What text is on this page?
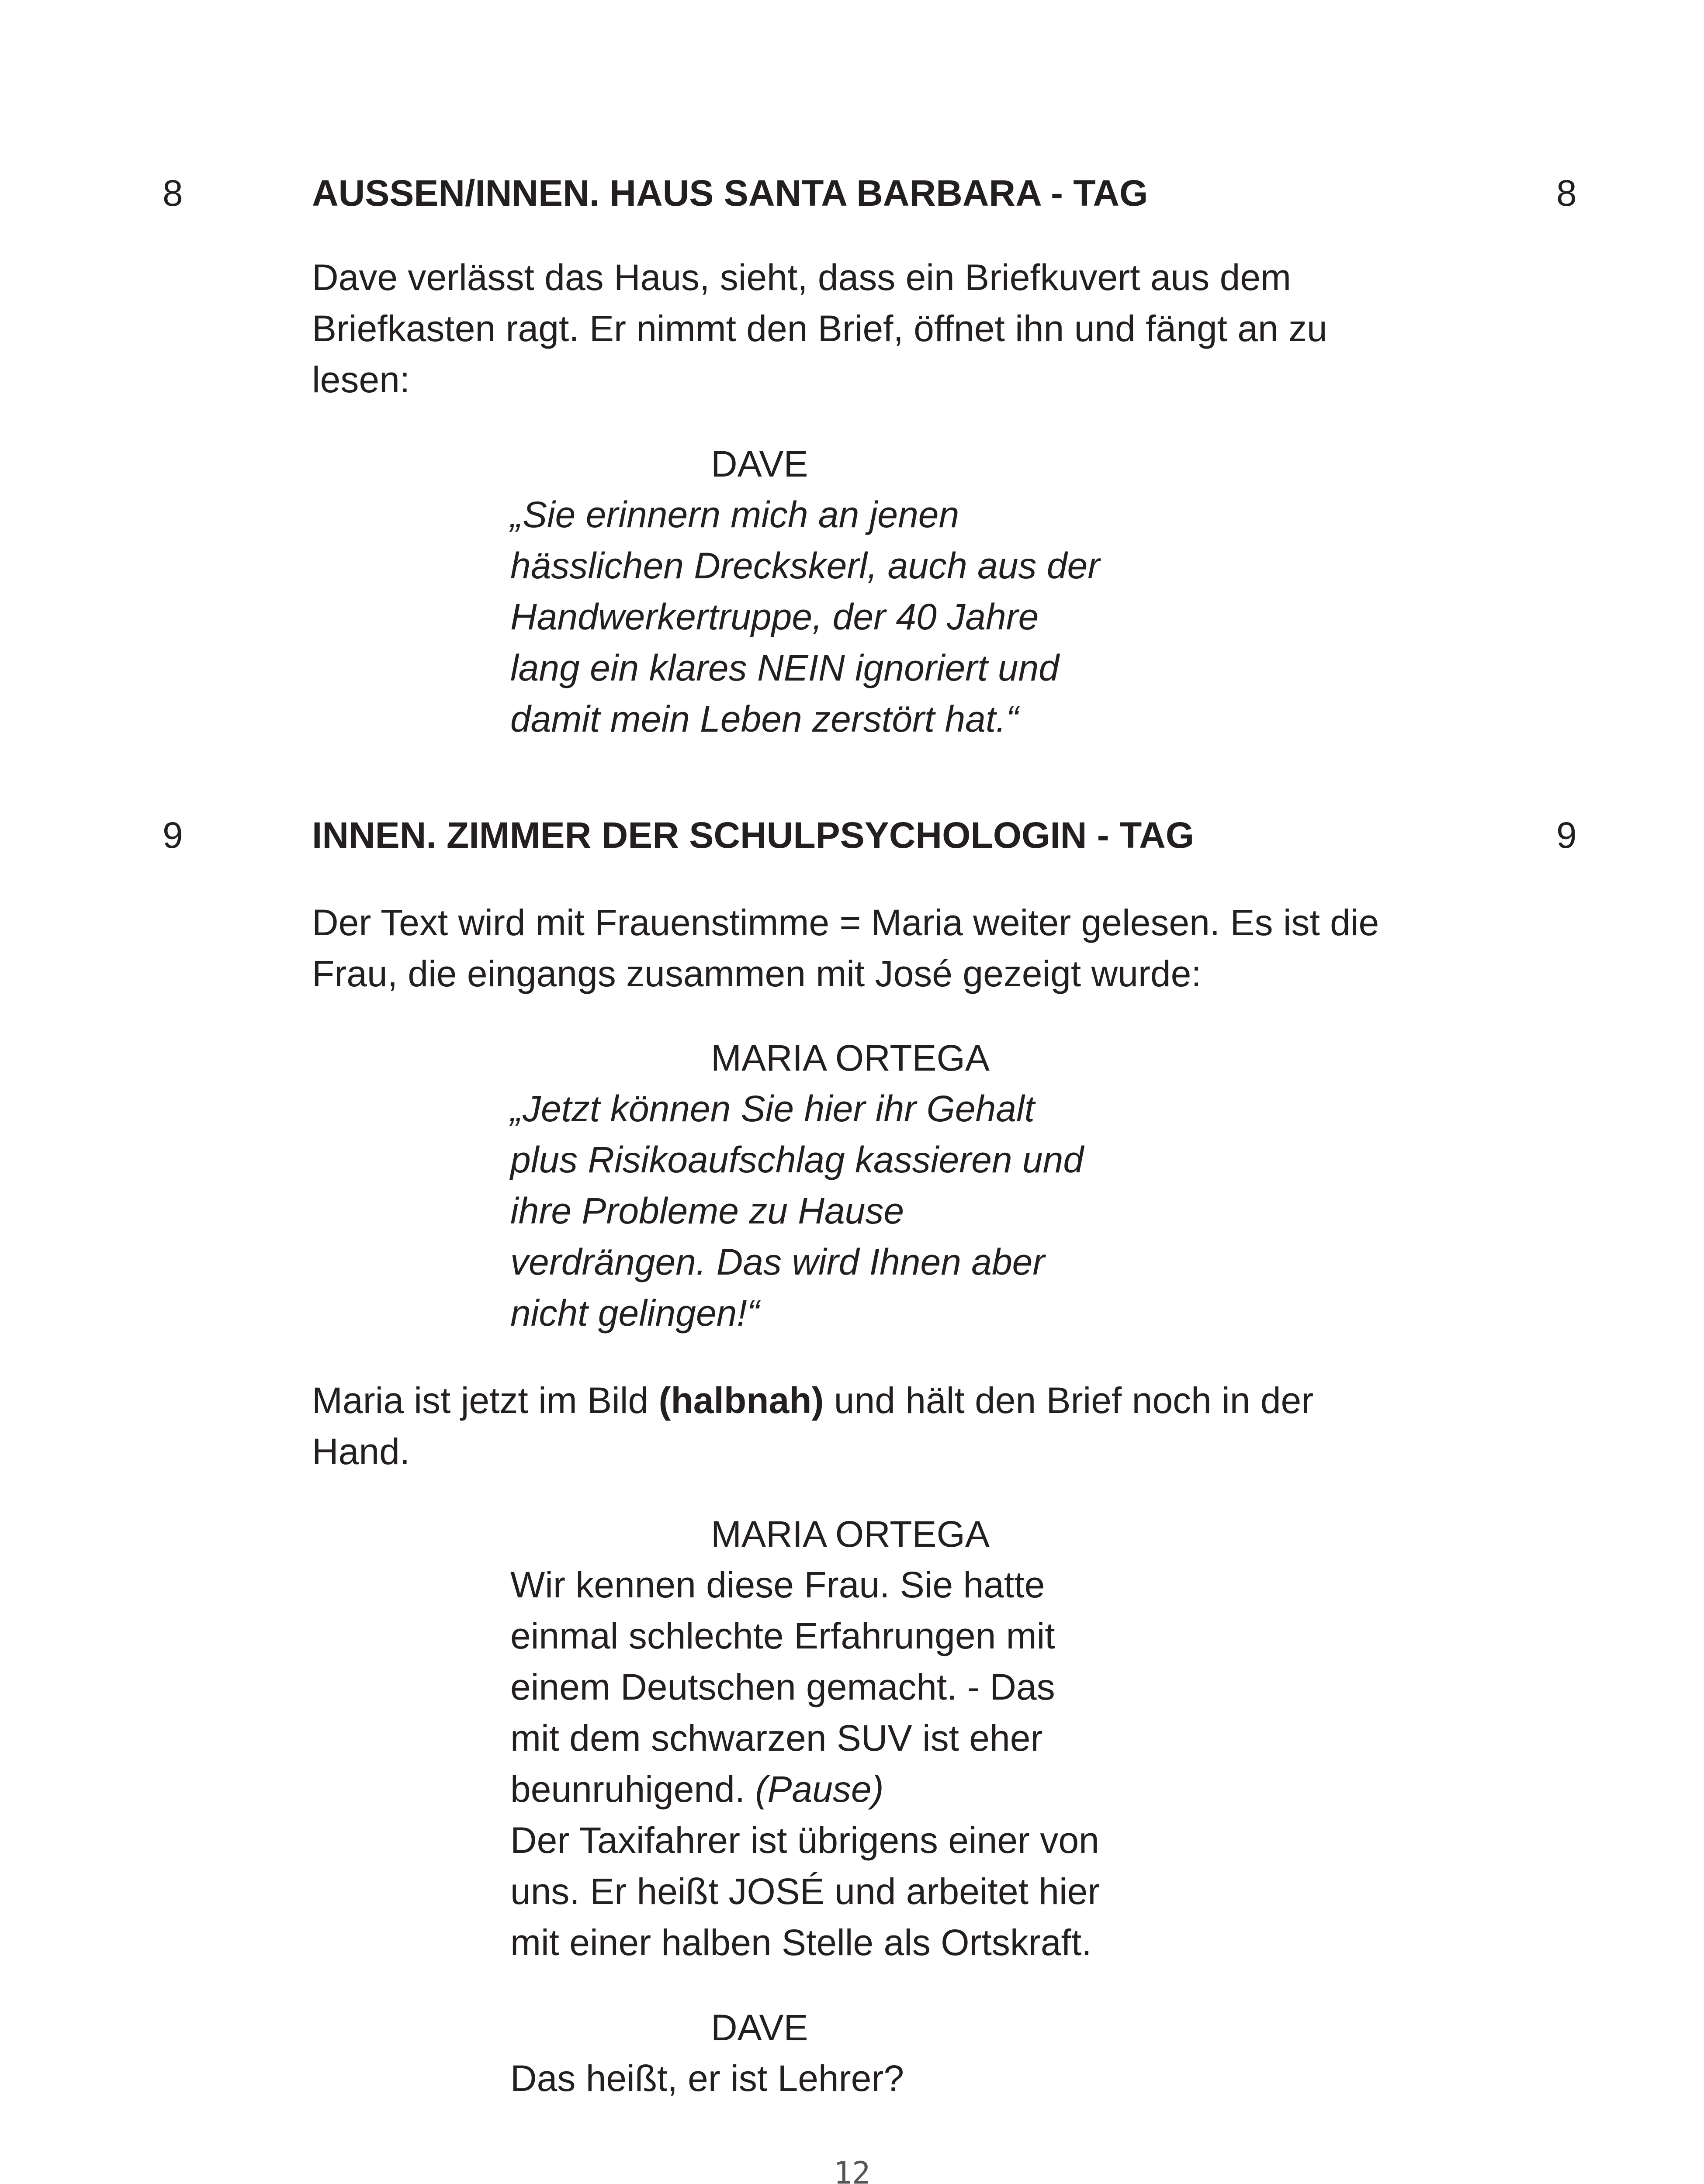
8	AUSSEN/INNEN. HAUS SANTA BARBARA - TAG	8
Dave verlässt das Haus, sieht, dass ein Briefkuvert aus dem
Briefkasten ragt. Er nimmt den Brief, öffnet ihn und fängt an zu
lesen:
DAVE
„Sie erinnern mich an jenen
hässlichen Dreckskerl, auch aus der
Handwerkertruppe, der 40 Jahre
lang ein klares NEIN ignoriert und
damit mein Leben zerstört hat.“
9	INNEN. ZIMMER DER SCHULPSYCHOLOGIN - TAG	9
Der Text wird mit Frauenstimme = Maria weiter gelesen. Es ist die
Frau, die eingangs zusammen mit José gezeigt wurde:
MARIA ORTEGA
„Jetzt können Sie hier ihr Gehalt
plus Risikoaufschlag kassieren und
ihre Probleme zu Hause
verdrängen. Das wird Ihnen aber
nicht gelingen!“
Maria ist jetzt im Bild (halbnah) und hält den Brief noch in der
Hand.
MARIA ORTEGA
Wir kennen diese Frau. Sie hatte
einmal schlechte Erfahrungen mit
einem Deutschen gemacht. - Das
mit dem schwarzen SUV ist eher
beunruhigend. (Pause)
Der Taxifahrer ist übrigens einer von
uns. Er heißt JOSÉ und arbeitet hier
mit einer halben Stelle als Ortskraft.
DAVE
Das heißt, er ist Lehrer?
12
